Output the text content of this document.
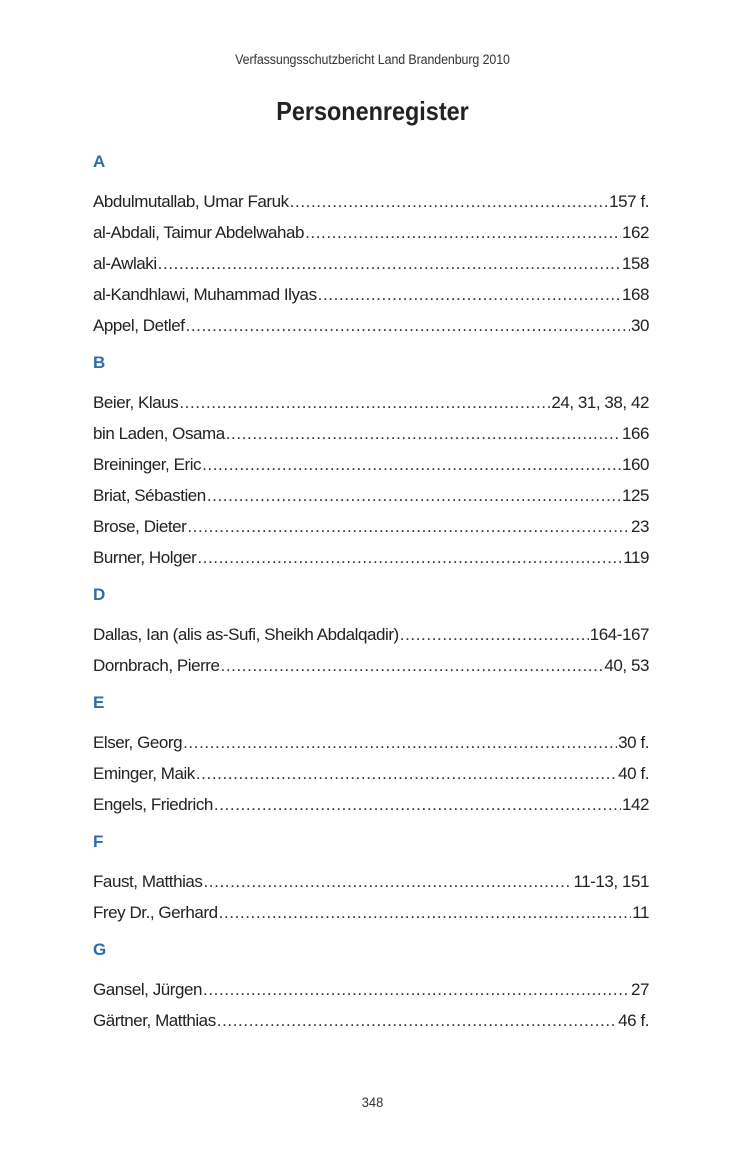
Verfassungsschutzbericht Land Brandenburg 2010
Personenregister
A
Abdulmutallab, Umar Faruk .....	157 f.
al-Abdali, Taimur Abdelwahab .....	162
al-Awlaki .....	158
al-Kandhlawi, Muhammad Ilyas .....	168
Appel, Detlef .....	30
B
Beier, Klaus .....	24, 31, 38, 42
bin Laden, Osama .....	166
Breininger, Eric .....	160
Briat, Sébastien .....	125
Brose, Dieter .....	23
Burner, Holger .....	119
D
Dallas, Ian (alis as-Sufi, Sheikh Abdalqadir) .....	164-167
Dornbrach, Pierre .....	40, 53
E
Elser, Georg .....	30 f.
Eminger, Maik .....	40 f.
Engels, Friedrich .....	142
F
Faust, Matthias .....	11-13, 151
Frey Dr., Gerhard .....	11
G
Gansel, Jürgen .....	27
Gärtner, Matthias .....	46 f.
348
